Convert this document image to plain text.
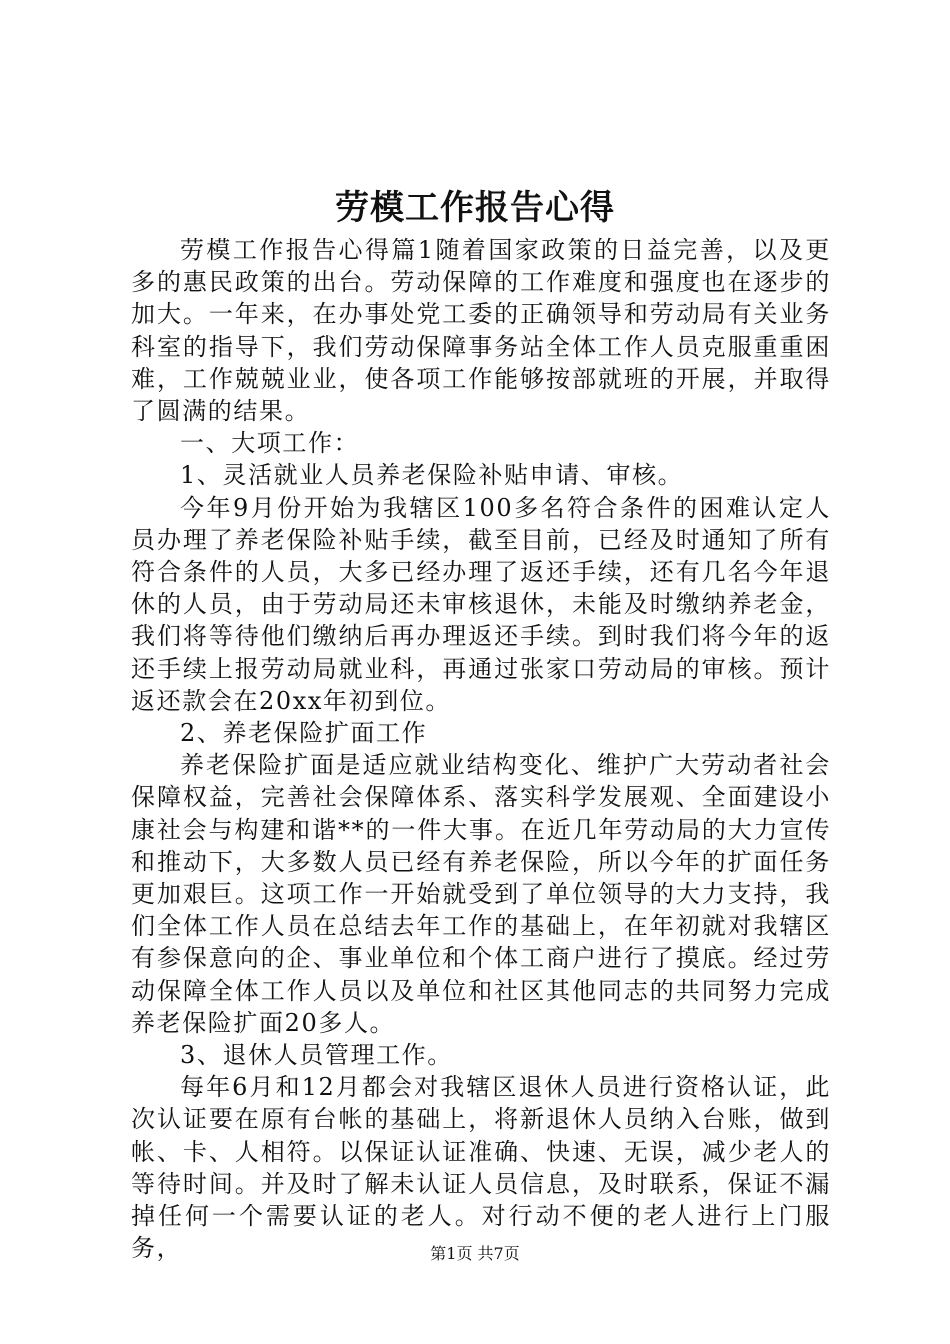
劳模工作报告心得

劳模工作报告心得篇1随着国家政策的日益完善，以及更多的惠民政策的出台。劳动保障的工作难度和强度也在逐步的加大。一年来，在办事处党工委的正确领导和劳动局有关业务科室的指导下，我们劳动保障事务站全体工作人员克服重重困难，工作兢兢业业，使各项工作能够按部就班的开展，并取得了圆满的结果。

一、大项工作：

1、灵活就业人员养老保险补贴申请、审核。

今年9月份开始为我辖区100多名符合条件的困难认定人员办理了养老保险补贴手续，截至目前，已经及时通知了所有符合条件的人员，大多已经办理了返还手续，还有几名今年退休的人员，由于劳动局还未审核退休，未能及时缴纳养老金，我们将等待他们缴纳后再办理返还手续。到时我们将今年的返还手续上报劳动局就业科，再通过张家口劳动局的审核。预计返还款会在20xx年初到位。

2、养老保险扩面工作

养老保险扩面是适应就业结构变化、维护广大劳动者社会保障权益，完善社会保障体系、落实科学发展观、全面建设小康社会与构建和谐**的一件大事。在近几年劳动局的大力宣传和推动下，大多数人员已经有养老保险，所以今年的扩面任务更加艰巨。这项工作一开始就受到了单位领导的大力支持，我们全体工作人员在总结去年工作的基础上，在年初就对我辖区有参保意向的企、事业单位和个体工商户进行了摸底。经过劳动保障全体工作人员以及单位和社区其他同志的共同努力完成养老保险扩面20多人。

3、退休人员管理工作。

每年6月和12月都会对我辖区退休人员进行资格认证，此次认证要在原有台帐的基础上，将新退休人员纳入台账，做到帐、卡、人相符。以保证认证准确、快速、无误，减少老人的等待时间。并及时了解未认证人员信息，及时联系，保证不漏掉任何一个需要认证的老人。对行动不便的老人进行上门服务，	第1页 共7页
